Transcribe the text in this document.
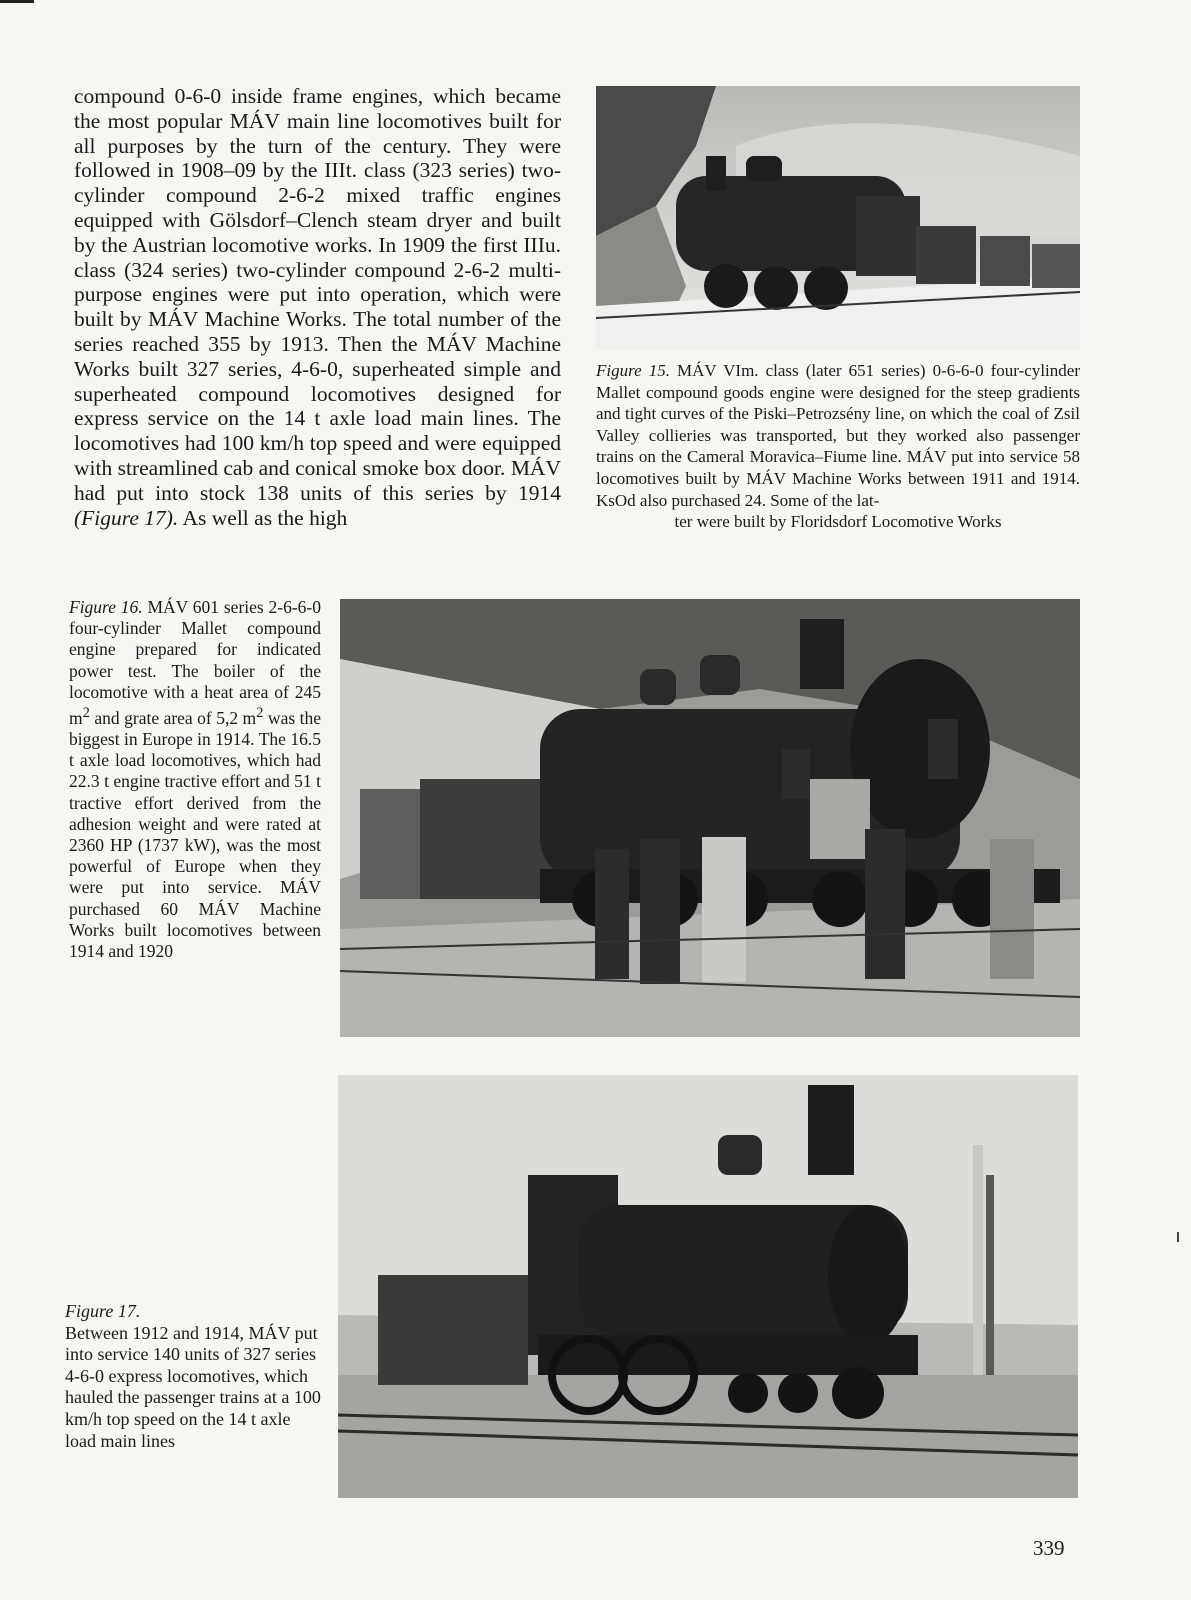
compound 0-6-0 inside frame engines, which became the most popular MÁV main line locomotives built for all purposes by the turn of the century. They were followed in 1908–09 by the IIIt. class (323 series) two-cylinder compound 2-6-2 mixed traffic engines equipped with Gölsdorf–Clench steam dryer and built by the Austrian locomotive works. In 1909 the first IIIu. class (324 series) two-cylinder compound 2-6-2 multi-purpose engines were put into operation, which were built by MÁV Machine Works. The total number of the series reached 355 by 1913. Then the MÁV Machine Works built 327 series, 4-6-0, superheated simple and superheated compound locomotives designed for express service on the 14 t axle load main lines. The locomotives had 100 km/h top speed and were equipped with streamlined cab and conical smoke box door. MÁV had put into stock 138 units of this series by 1914 (Figure 17). As well as the high

Figure 15. MÁV VIm. class (later 651 series) 0-6-6-0 four-cylinder Mallet compound goods engine were designed for the steep gradients and tight curves of the Piski–Petrozsény line, on which the coal of Zsil Valley collieries was transported, but they worked also passenger trains on the Cameral Moravica–Fiume line. MÁV put into service 58 locomotives built by MÁV Machine Works between 1911 and 1914. KsOd also purchased 24. Some of the lat-
ter were built by Floridsdorf Locomotive Works

Figure 16. MÁV 601 series 2-6-6-0 four-cylinder Mallet compound engine prepared for indicated power test. The boiler of the locomotive with a heat area of 245 $m^2$ and grate area of 5,2 $m^2$ was the biggest in Europe in 1914. The 16.5 t axle load locomotives, which had 22.3 t engine tractive effort and 51 t tractive effort derived from the adhesion weight and were rated at 2360 HP (1737 kW), was the most powerful of Europe when they were put into service. MÁV purchased 60 MÁV Machine Works built locomotives between 1914 and 1920

Figure 17.
Between 1912 and 1914, MÁV put into service 140 units of 327 series 4-6-0 express locomotives, which hauled the passenger trains at a 100 km/h top speed on the 14 t axle load main lines

339
